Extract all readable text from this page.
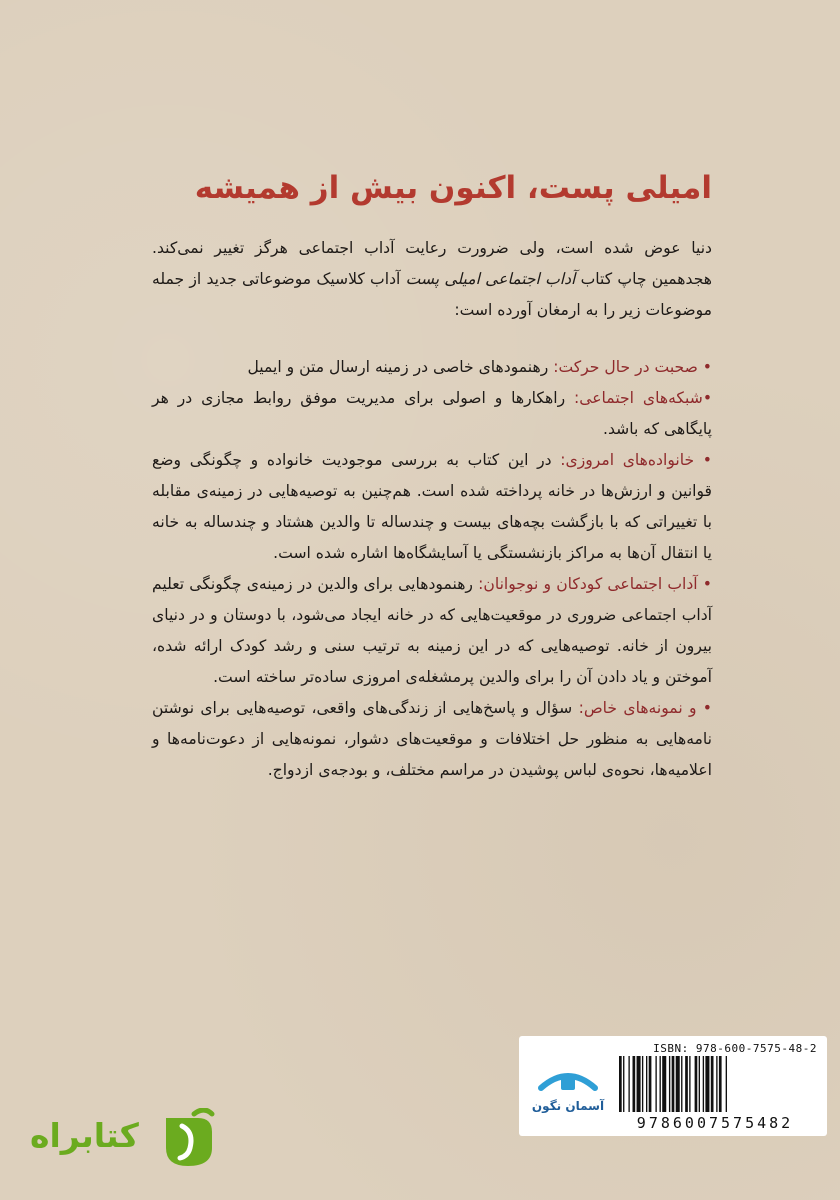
امیلی پست، اکنون بیش از همیشه

دنیا عوض شده است، ولی ضرورت رعایت آداب اجتماعی هرگز تغییر نمی‌کند. هجدهمین چاپ کتاب آداب اجتماعی امیلی پست آداب کلاسیک موضوعاتی جدید از جمله موضوعات زیر را به ارمغان آورده است:

• صحبت در حال حرکت: رهنمودهای خاصی در زمینه ارسال متن و ایمیل

•شبکه‌های اجتماعی: راهکارها و اصولی برای مدیریت موفق روابط مجازی در هر پایگاهی که باشد.

• خانواده‌های امروزی: در این کتاب به بررسی موجودیت خانواده و چگونگی وضع قوانین و ارزش‌ها در خانه پرداخته شده است. هم‌چنین به توصیه‌هایی در زمینه‌ی مقابله با تغییراتی که با بازگشت بچه‌های بیست و چندساله تا والدین هشتاد و چندساله به خانه یا انتقال آن‌ها به مراکز بازنشستگی یا آسایشگاه‌ها اشاره شده است.

• آداب اجتماعی کودکان و نوجوانان: رهنمودهایی برای والدین در زمینه‌ی چگونگی تعلیم آداب اجتماعی ضروری در موقعیت‌هایی که در خانه ایجاد می‌شود، با دوستان و در دنیای بیرون از خانه. توصیه‌هایی که در این زمینه به ترتیب سنی و رشد کودک ارائه شده، آموختن و یاد دادن آن را برای والدین پرمشغله‌ی امروزی ساده‌تر ساخته است.

• و نمونه‌های خاص: سؤال و پاسخ‌هایی از زندگی‌های واقعی، توصیه‌هایی برای نوشتن نامه‌هایی به منظور حل اختلافات و موقعیت‌های دشوار، نمونه‌هایی از دعوت‌نامه‌ها و اعلامیه‌ها، نحوه‌ی لباس پوشیدن در مراسم مختلف، و بودجه‌ی ازدواج.

ISBN: 978-600-7575-48-2
9786007575482
آسمان نگون
کتابراه
